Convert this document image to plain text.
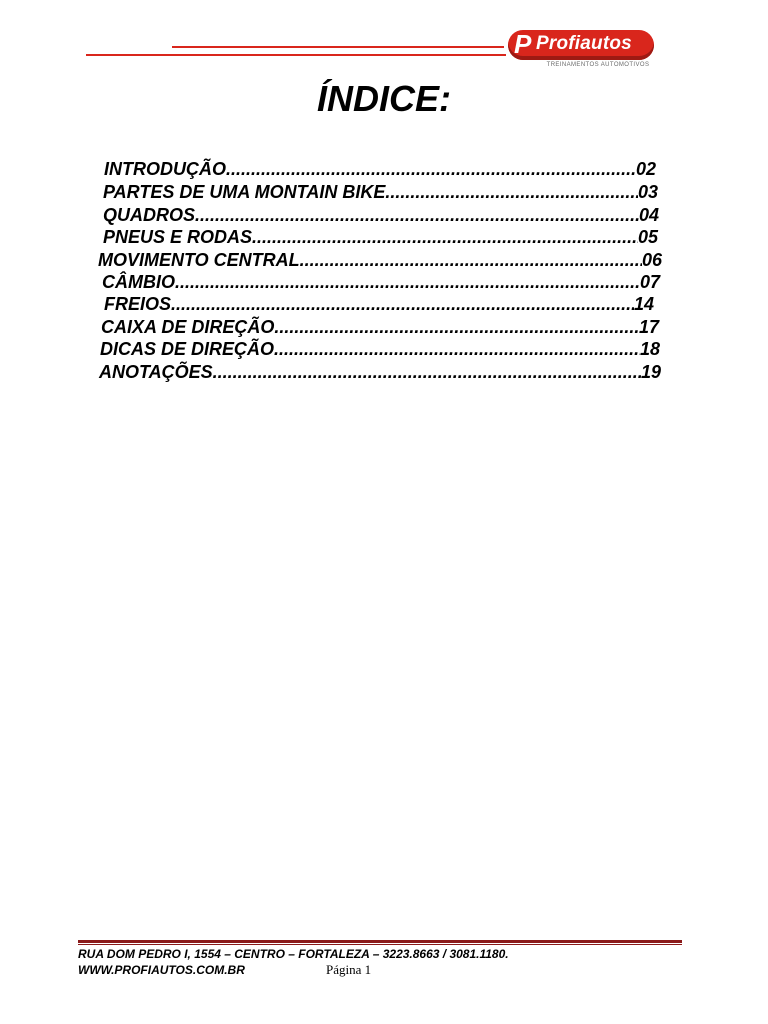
P Profiautos
TREINAMENTOS AUTOMOTIVOS
ÍNDICE:
INTRODUÇÃO .....	02
PARTES DE UMA MONTAIN BIKE .....	03
QUADROS .....	04
PNEUS E RODAS .....	05
MOVIMENTO CENTRAL .....	06
CÂMBIO .....	07
FREIOS .....	14
CAIXA DE DIREÇÃO .....	17
DICAS DE DIREÇÃO .....	18
ANOTAÇÕES .....	19
RUA DOM PEDRO I, 1554 – CENTRO – FORTALEZA – 3223.8663 / 3081.1180.
WWW.PROFIAUTOS.COM.BR	Página 1
